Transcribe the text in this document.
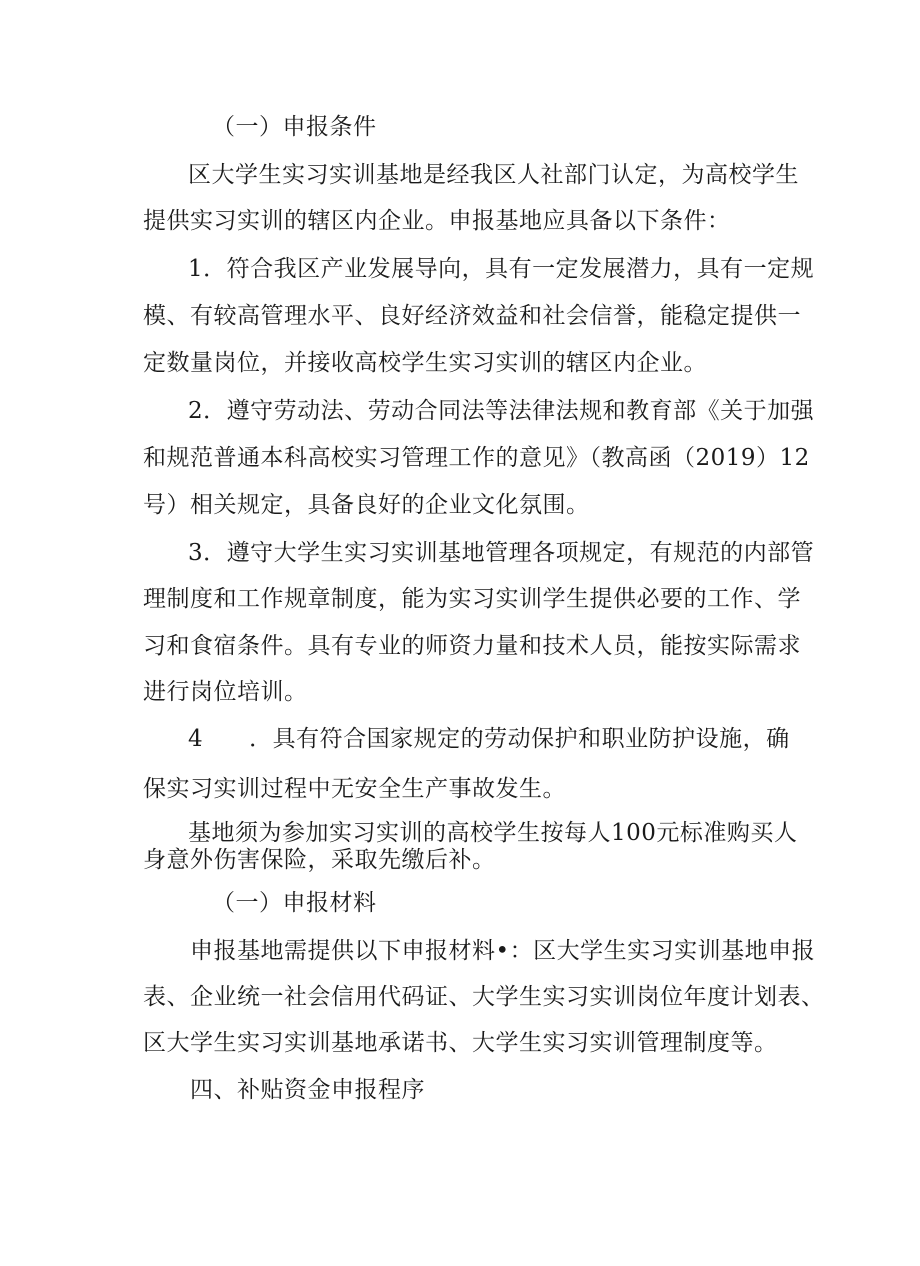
（一）申报条件
区大学生实习实训基地是经我区人社部门认定，为高校学生
提供实习实训的辖区内企业。申报基地应具备以下条件：
1．符合我区产业发展导向，具有一定发展潜力，具有一定规
模、有较高管理水平、良好经济效益和社会信誉，能稳定提供一
定数量岗位，并接收高校学生实习实训的辖区内企业。
2．遵守劳动法、劳动合同法等法律法规和教育部《关于加强
和规范普通本科高校实习管理工作的意见》（教高函（2019）12
号）相关规定，具备良好的企业文化氛围。
3．遵守大学生实习实训基地管理各项规定，有规范的内部管
理制度和工作规章制度，能为实习实训学生提供必要的工作、学
习和食宿条件。具有专业的师资力量和技术人员，能按实际需求
进行岗位培训。
4 ．具有符合国家规定的劳动保护和职业防护设施，确
保实习实训过程中无安全生产事故发生。
基地须为参加实习实训的高校学生按每人100元标准购买人
身意外伤害保险，采取先缴后补。
（一）申报材料
申报基地需提供以下申报材料•：区大学生实习实训基地申报
表、企业统一社会信用代码证、大学生实习实训岗位年度计划表、
区大学生实习实训基地承诺书、大学生实习实训管理制度等。
四、补贴资金申报程序
